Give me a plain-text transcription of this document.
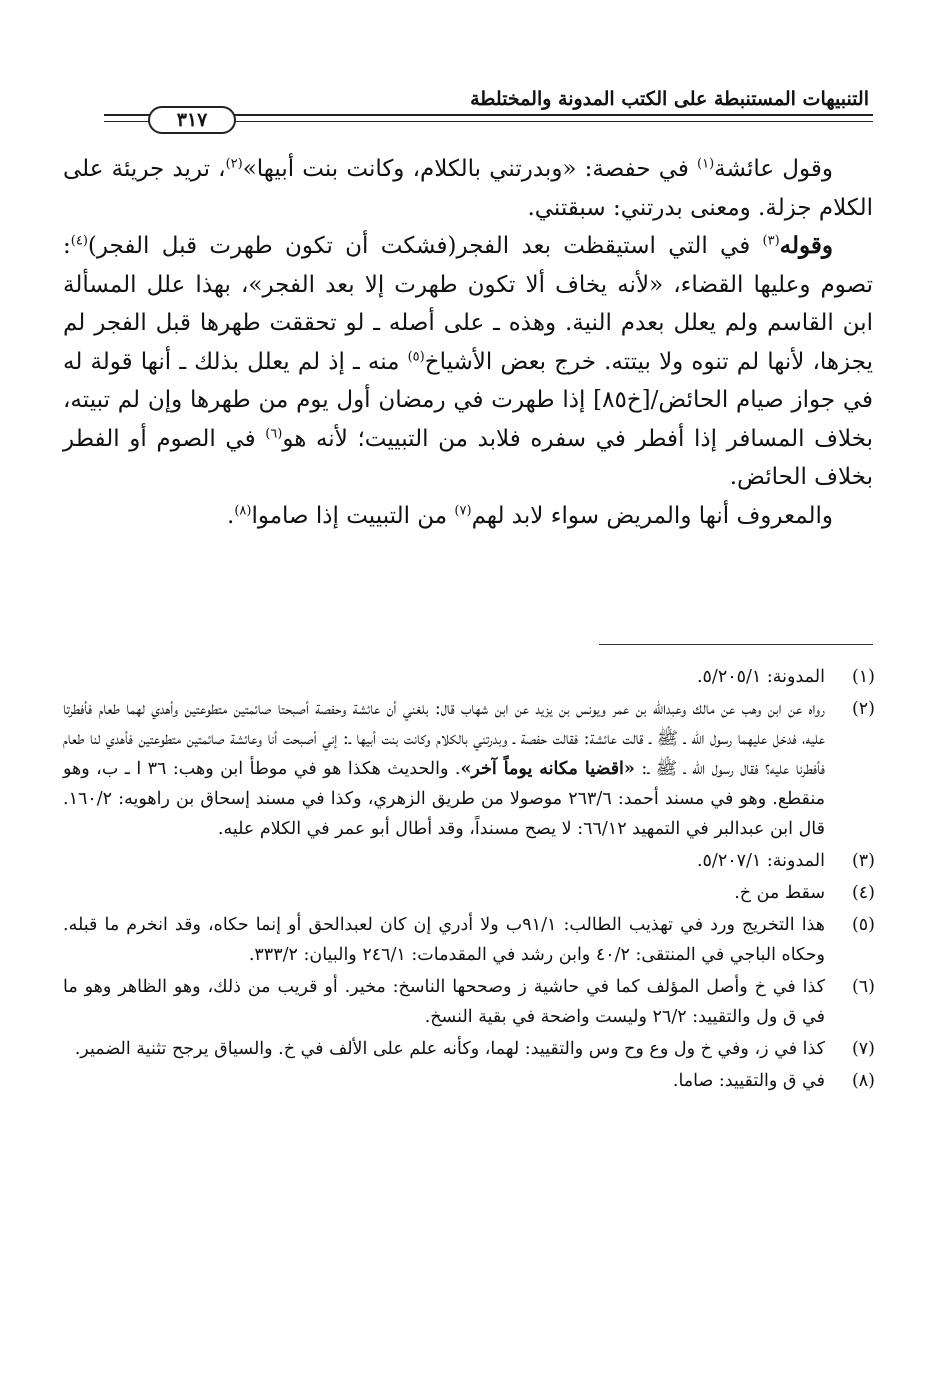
التنبيهات المستنبطة على الكتب المدونة والمختلطة
٣١٧

وقول عائشة$^{(١)}$ في حفصة: «وبدرتني بالكلام، وكانت بنت أبيها»$^{(٢)}$، تريد جريئة على الكلام جزلة. ومعنى بدرتني: سبقتني.

وقوله$^{(٣)}$ في التي استيقظت بعد الفجر(فشكت أن تكون طهرت قبل الفجر)$^{(٤)}$: تصوم وعليها القضاء، «لأنه يخاف ألا تكون طهرت إلا بعد الفجر»، بهذا علل المسألة ابن القاسم ولم يعلل بعدم النية. وهذه ـ على أصله ـ لو تحققت طهرها قبل الفجر لم يجزها، لأنها لم تنوه ولا بيتته. خرج بعض الأشياخ$^{(٥)}$ منه ـ إذ لم يعلل بذلك ـ أنها قولة له في جواز صيام الحائض/[خ٨٥] إذا طهرت في رمضان أول يوم من طهرها وإن لم تبيته، بخلاف المسافر إذا أفطر في سفره فلابد من التبييت؛ لأنه هو$^{(٦)}$ في الصوم أو الفطر بخلاف الحائض.

والمعروف أنها والمريض سواء لابد لهم$^{(٧)}$ من التبييت إذا صاموا$^{(٨)}$.

(١)
المدونة: ٥/٢٠٥/١.
(٢)
رواه عن ابن وهب عن مالك وعبدالله بن عمر ويونس بن يزيد عن ابن شهاب قال: بلغني أن عائشة وحفصة أصبحتا صائمتين متطوعتين وأهدي لهما طعام فأفطرتا عليه، فدخل عليهما رسول الله ـ ﷺ ـ قالت عائشة: فقالت حفصة ـ وبدرتني بالكلام وكانت بنت أبيها ـ: إني أصبحت أنا وعائشة صائمتين متطوعتين فأهدي لنا طعام فأفطرنا عليه؟ فقال رسول الله ـ ﷺ ـ: «اقضيا مكانه يوماً آخر». والحديث هكذا هو في موطأ ابن وهب: ٣٦ ا ـ ب، وهو منقطع. وهو في مسند أحمد: ٢٦٣/٦ موصولا من طريق الزهري، وكذا في مسند إسحاق بن راهويه: ١٦٠/٢. قال ابن عبدالبر في التمهيد ٦٦/١٢: لا يصح مسنداً، وقد أطال أبو عمر في الكلام عليه.
(٣)
المدونة: ٥/٢٠٧/١.
(٤)
سقط من خ.
(٥)
هذا التخريج ورد في تهذيب الطالب: ٩١/١ب ولا أدري إن كان لعبدالحق أو إنما حكاه، وقد انخرم ما قبله. وحكاه الباجي في المنتقى: ٤٠/٢ وابن رشد في المقدمات: ٢٤٦/١ والبيان: ٣٣٣/٢.
(٦)
كذا في خ وأصل المؤلف كما في حاشية ز وصححها الناسخ: مخير. أو قريب من ذلك، وهو الظاهر وهو ما في ق ول والتقييد: ٢٦/٢ وليست واضحة في بقية النسخ.
(٧)
كذا في ز، وفي خ ول وع وح وس والتقييد: لهما، وكأنه علم على الألف في خ. والسياق يرجح تثنية الضمير.
(٨)
في ق والتقييد: صاما.
